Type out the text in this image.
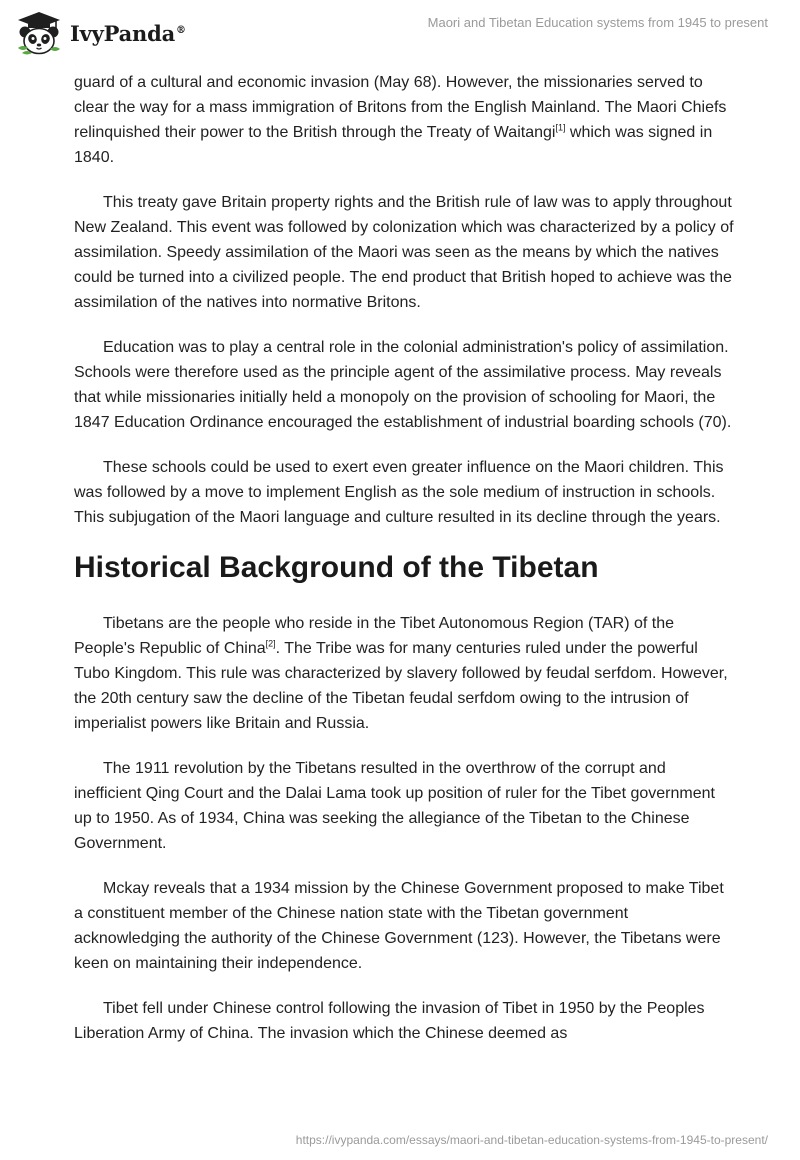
IvyPanda®	Maori and Tibetan Education systems from 1945 to present

guard of a cultural and economic invasion (May 68). However, the missionaries served to clear the way for a mass immigration of Britons from the English Mainland. The Maori Chiefs relinquished their power to the British through the Treaty of Waitangi[1] which was signed in 1840.

This treaty gave Britain property rights and the British rule of law was to apply throughout New Zealand. This event was followed by colonization which was characterized by a policy of assimilation. Speedy assimilation of the Maori was seen as the means by which the natives could be turned into a civilized people. The end product that British hoped to achieve was the assimilation of the natives into normative Britons.

Education was to play a central role in the colonial administration's policy of assimilation. Schools were therefore used as the principle agent of the assimilative process. May reveals that while missionaries initially held a monopoly on the provision of schooling for Maori, the 1847 Education Ordinance encouraged the establishment of industrial boarding schools (70).

These schools could be used to exert even greater influence on the Maori children. This was followed by a move to implement English as the sole medium of instruction in schools. This subjugation of the Maori language and culture resulted in its decline through the years.

Historical Background of the Tibetan

Tibetans are the people who reside in the Tibet Autonomous Region (TAR) of the People's Republic of China[2]. The Tribe was for many centuries ruled under the powerful Tubo Kingdom. This rule was characterized by slavery followed by feudal serfdom. However, the 20th century saw the decline of the Tibetan feudal serfdom owing to the intrusion of imperialist powers like Britain and Russia.

The 1911 revolution by the Tibetans resulted in the overthrow of the corrupt and inefficient Qing Court and the Dalai Lama took up position of ruler for the Tibet government up to 1950. As of 1934, China was seeking the allegiance of the Tibetan to the Chinese Government.

Mckay reveals that a 1934 mission by the Chinese Government proposed to make Tibet a constituent member of the Chinese nation state with the Tibetan government acknowledging the authority of the Chinese Government (123). However, the Tibetans were keen on maintaining their independence.

Tibet fell under Chinese control following the invasion of Tibet in 1950 by the Peoples Liberation Army of China. The invasion which the Chinese deemed as

https://ivypanda.com/essays/maori-and-tibetan-education-systems-from-1945-to-present/
